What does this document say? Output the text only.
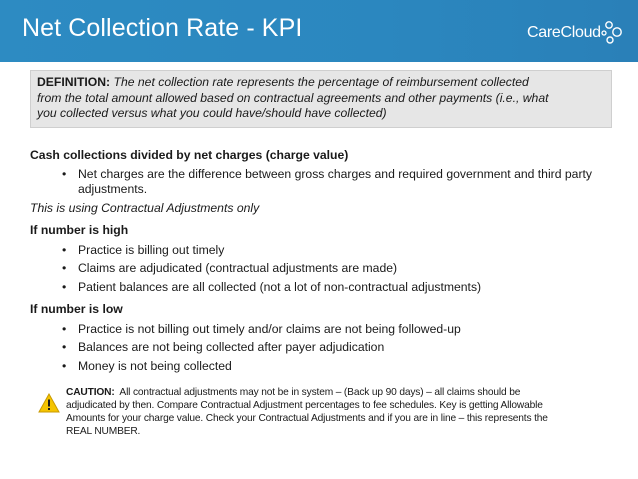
Net Collection Rate - KPI	CareCloud
DEFINITION: The net collection rate represents the percentage of reimbursement collected
from the total amount allowed based on contractual agreements and other payments (i.e., what
you collected versus what you could have/should have collected)
Cash collections divided by net charges (charge value)
• Net charges are the difference between gross charges and required government and third party
adjustments.
This is using Contractual Adjustments only
If number is high
• Practice is billing out timely
• Claims are adjudicated (contractual adjustments are made)
• Patient balances are all collected (not a lot of non-contractual adjustments)
If number is low
• Practice is not billing out timely and/or claims are not being followed-up
• Balances are not being collected after payer adjudication
• Money is not being collected
CAUTION: All contractual adjustments may not be in system – (Back up 90 days) – all claims should be
adjudicated by then. Compare Contractual Adjustment percentages to fee schedules. Key is getting Allowable
Amounts for your charge value. Check your Contractual Adjustments and if you are in line – this represents the
REAL NUMBER.
